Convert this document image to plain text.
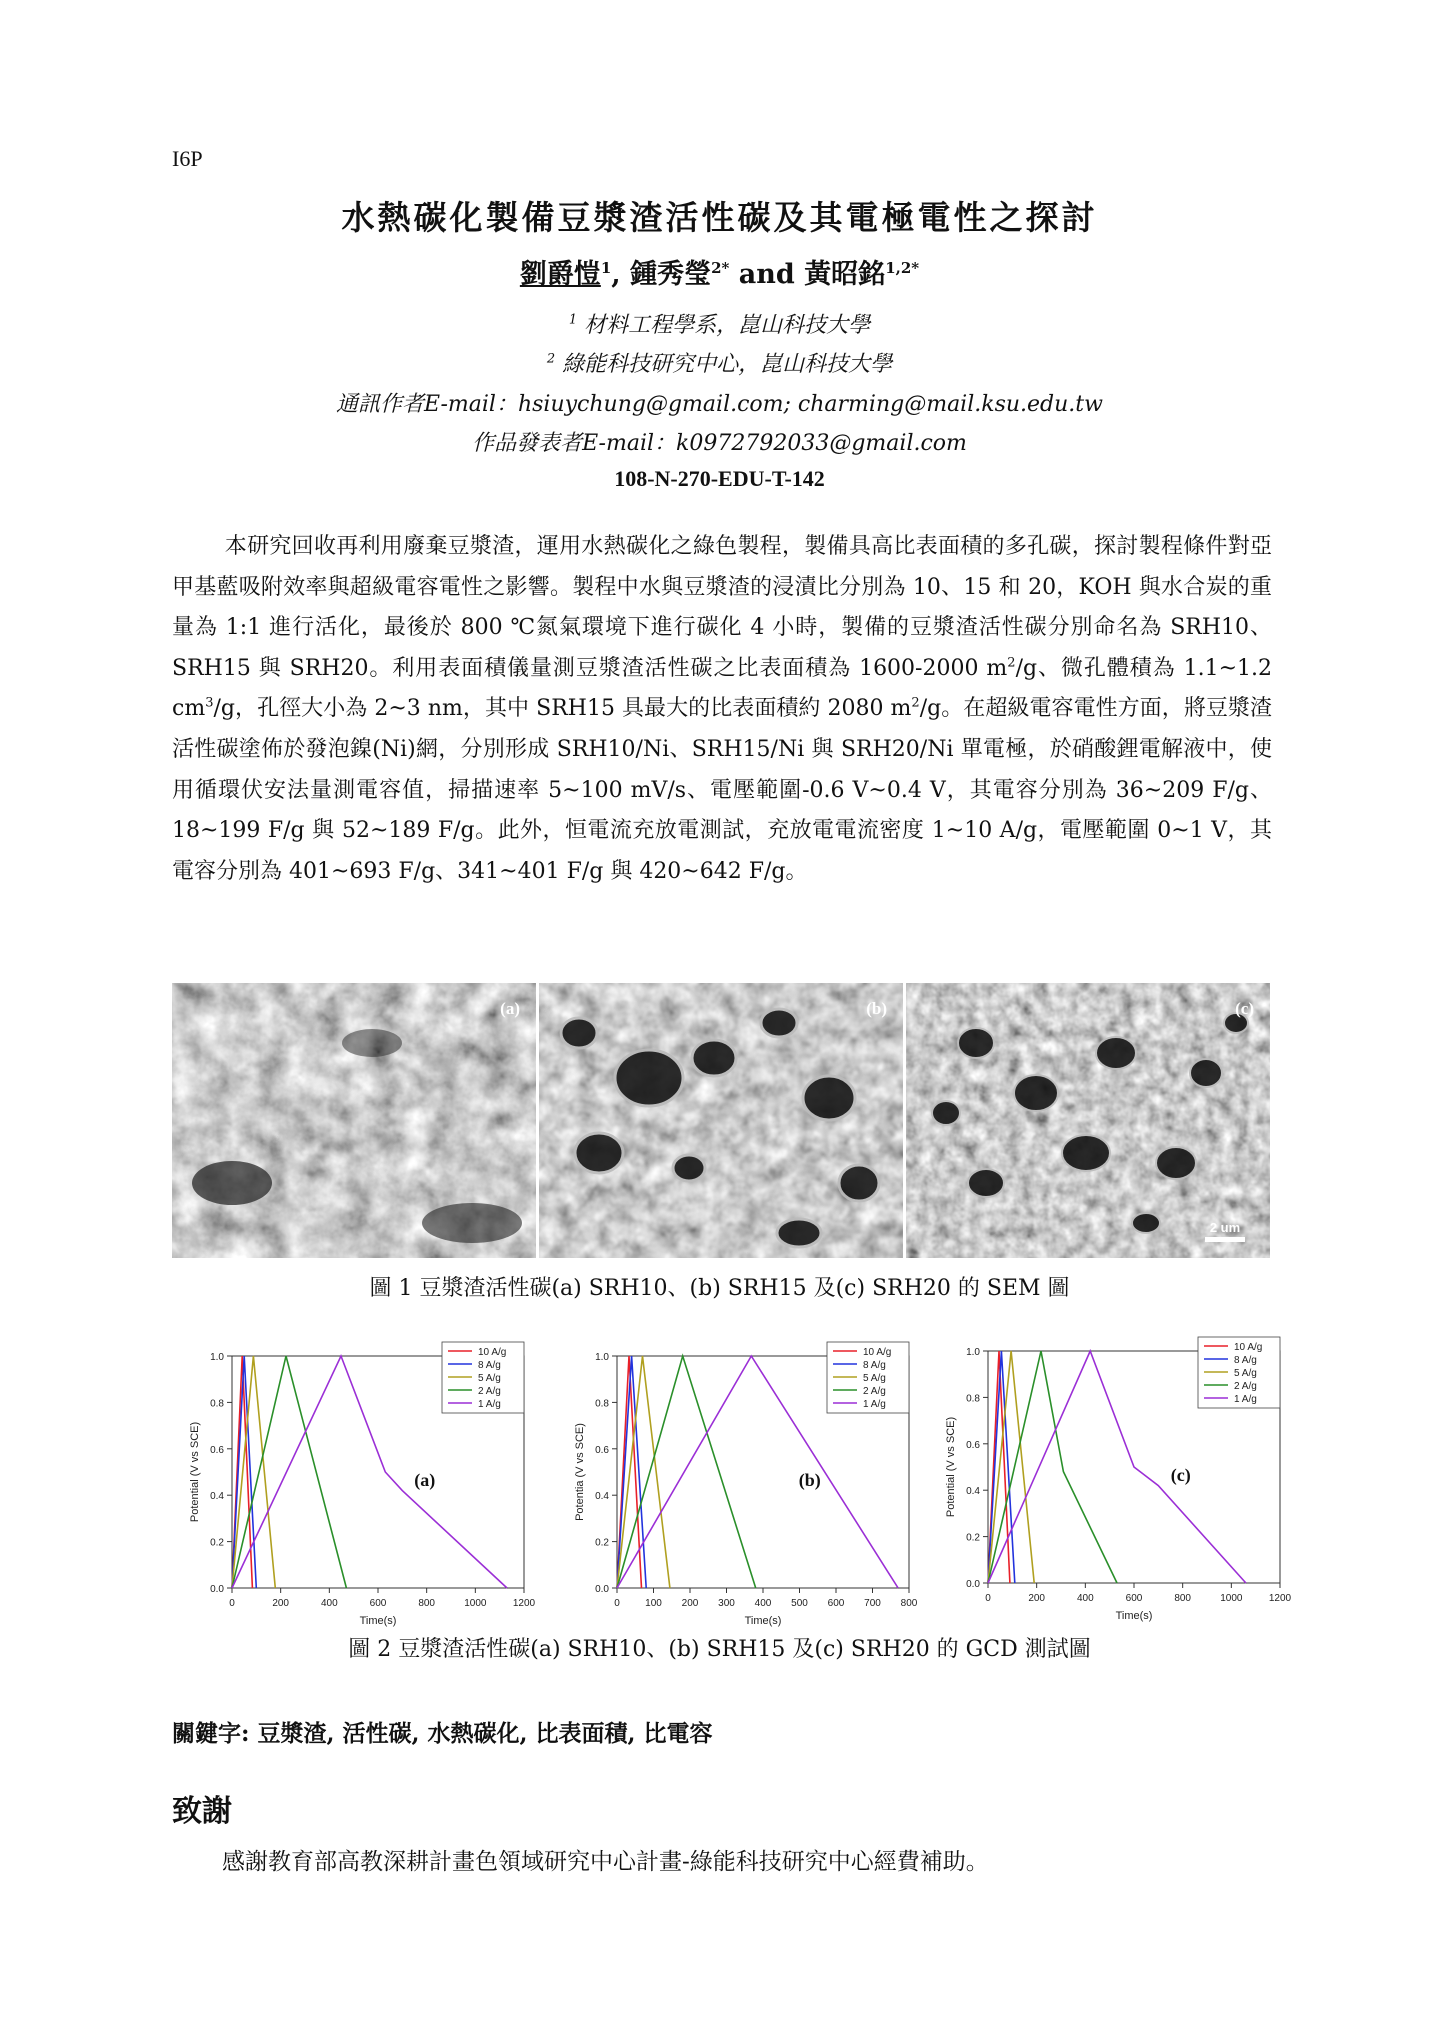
I6P
水熱碳化製備豆漿渣活性碳及其電極電性之探討
劉爵愷$^1$, 鍾秀瑩$^{2*}$ and 黃昭銘$^{1,2*}$
$^1$ 材料工程學系，崑山科技大學
$^2$ 綠能科技研究中心，崑山科技大學
通訊作者E-mail：hsiuychung@gmail.com; charming@mail.ksu.edu.tw
作品發表者E-mail：k0972792033@gmail.com
108-N-270-EDU-T-142
本研究回收再利用廢棄豆漿渣，運用水熱碳化之綠色製程，製備具高比表面積的多孔碳，探討製程條件對亞甲基藍吸附效率與超級電容電性之影響。製程中水與豆漿渣的浸漬比分別為 10、15 和 20，KOH 與水合炭的重量為 1:1 進行活化，最後於 800 ℃氮氣環境下進行碳化 4 小時，製備的豆漿渣活性碳分別命名為 SRH10、SRH15 與 SRH20。利用表面積儀量測豆漿渣活性碳之比表面積為 1600-2000 $m^2/g$、微孔體積為 1.1~1.2 $cm^3/g$，孔徑大小為 2~3 nm，其中 SRH15 具最大的比表面積約 2080 $m^2/g$。在超級電容電性方面，將豆漿渣活性碳塗佈於發泡鎳(Ni)網，分別形成 SRH10/Ni、SRH15/Ni 與 SRH20/Ni 單電極，於硝酸鋰電解液中，使用循環伏安法量測電容值，掃描速率 5~100 mV/s、電壓範圍-0.6 V~0.4 V，其電容分別為 36~209 F/g、18~199 F/g 與 52~189 F/g。此外，恒電流充放電測試，充放電電流密度 1~10 A/g，電壓範圍 0~1 V，其電容分別為 401~693 F/g、341~401 F/g 與 420~642 F/g。
(a)	(b)	(c)
2 um
圖 1 豆漿渣活性碳(a) SRH10、(b) SRH15 及(c) SRH20 的 SEM 圖
0	200	400	600	800	1000	1200
0.0
0.2
0.4
0.6
0.8
1.0
Time(s)
Potential (V vs SCE)
10 A/g
8 A/g
5 A/g
2 A/g
1 A/g
(a)
0	100 200 300 400 500 600 700 800
0.0
0.2
0.4
0.6
0.8
1.0
Time(s)
Potentia (V vs SCE)
10 A/g
8 A/g
5 A/g
2 A/g
1 A/g
(b)
0	200	400	600	800	1000	1200
0.0
0.2
0.4
0.6
0.8
1.0
Time(s)
Potential (V vs SCE)
10 A/g
8 A/g
5 A/g
2 A/g
1 A/g
(c)
圖 2 豆漿渣活性碳(a) SRH10、(b) SRH15 及(c) SRH20 的 GCD 測試圖
關鍵字: 豆漿渣, 活性碳, 水熱碳化, 比表面積, 比電容
致謝
感謝教育部高教深耕計畫色領域研究中心計畫-綠能科技研究中心經費補助。
